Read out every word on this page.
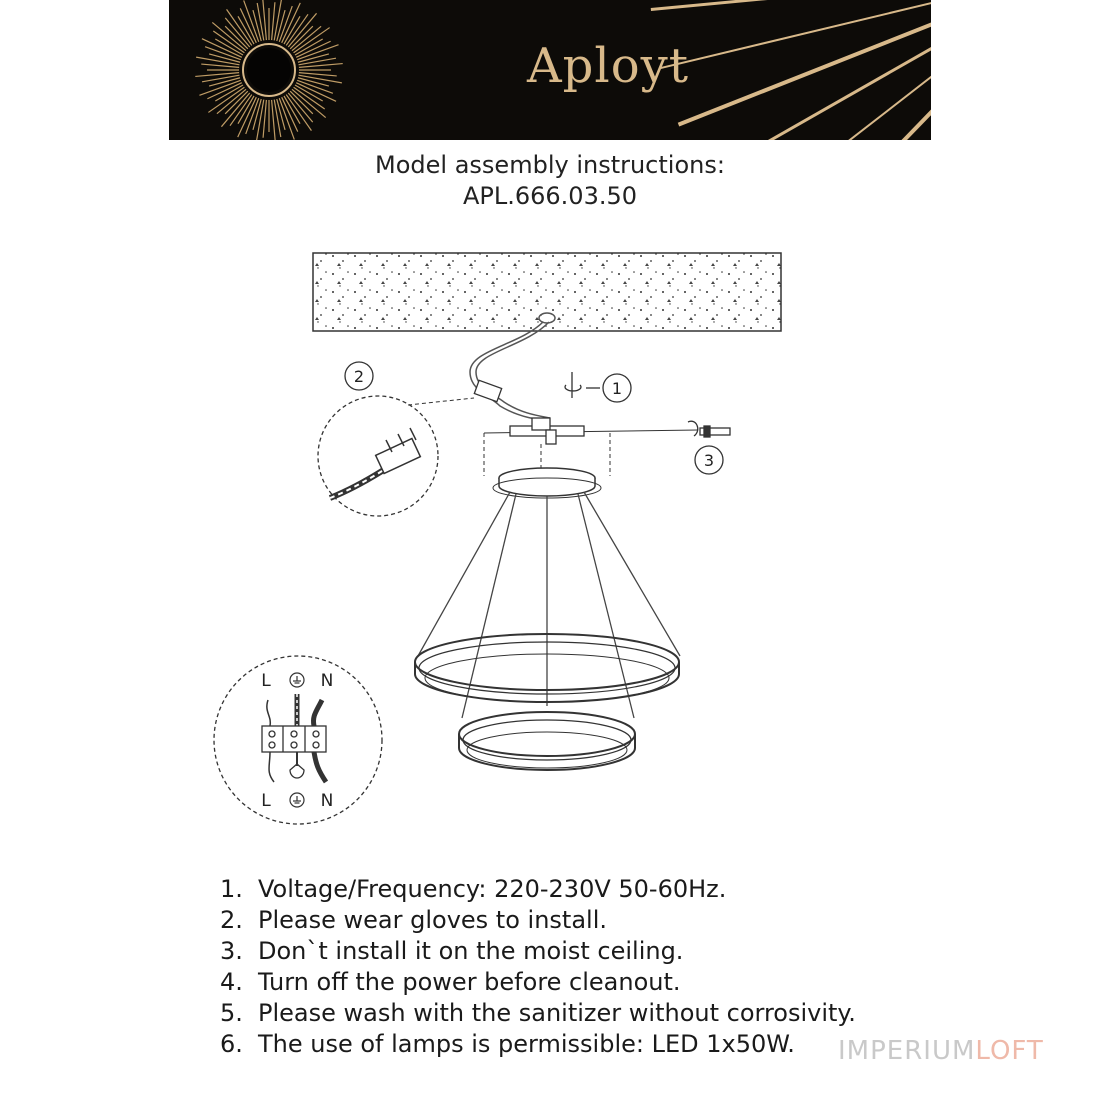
Aployt
Model assembly instructions:
APL.666.03.50
2
1
3
L	N
L	N
1. Voltage/Frequency: 220-230V 50-60Hz.
2. Please wear gloves to install.
3. Don`t install it on the moist ceiling.
4. Turn off the power before cleanout.
5. Please wash with the sanitizer without corrosivity.
6. The use of lamps is permissible: LED 1x50W. IMPERIUMLOFT
